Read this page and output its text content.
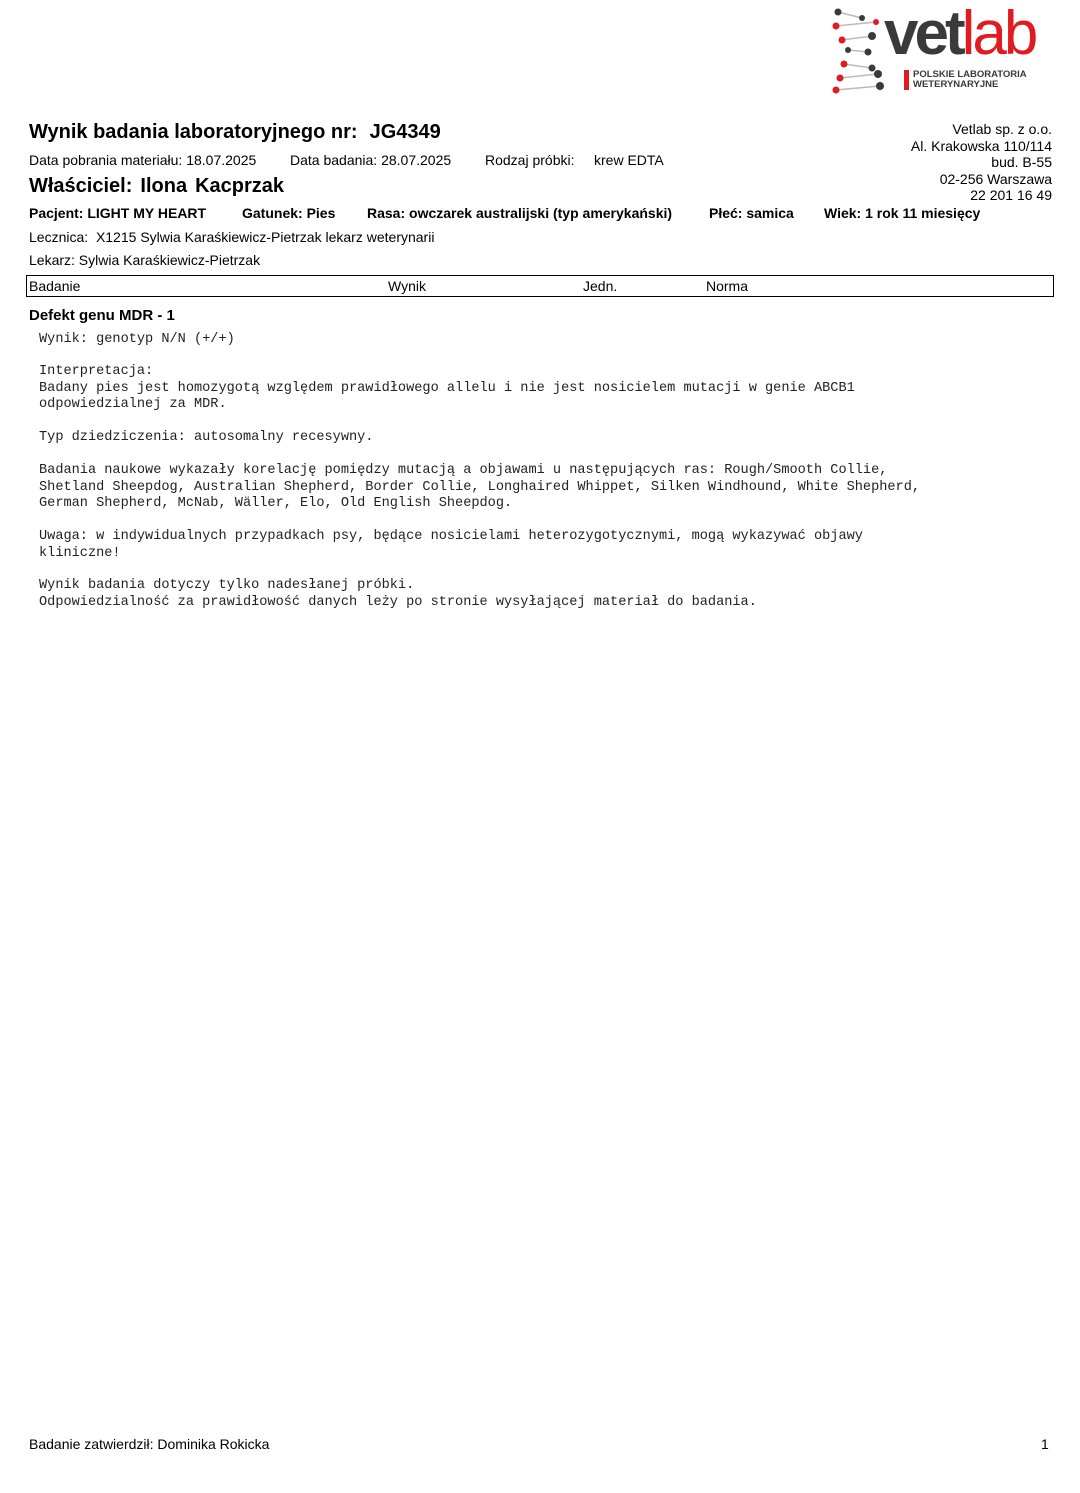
vetlab
POLSKIE LABORATORIA
WETERYNARYJNE
Vetlab sp. z o.o.
Al. Krakowska 110/114
bud. B-55
02-256 Warszawa
22 201 16 49
Wynik badania laboratoryjnego nr: JG4349
Data pobrania materiału: 18.07.2025 Data badania: 28.07.2025 Rodzaj próbki: krew EDTA
Właściciel: Ilona Kacprzak
Pacjent: LIGHT MY HEART	Gatunek: Pies Rasa: owczarek australijski (typ amerykański)	Płeć: samica Wiek: 1 rok 11 miesięcy
Lecznica: X1215 Sylwia Karaśkiewicz-Pietrzak lekarz weterynarii
Lekarz: Sylwia Karaśkiewicz-Pietrzak
Badanie	Wynik	Jedn.	Norma
Defekt genu MDR - 1
Wynik: genotyp N/N (+/+)
Interpretacja:
Badany pies jest homozygotą względem prawidłowego allelu i nie jest nosicielem mutacji w genie ABCB1
odpowiedzialnej za MDR.
Typ dziedziczenia: autosomalny recesywny.
Badania naukowe wykazały korelację pomiędzy mutacją a objawami u następujących ras: Rough/Smooth Collie,
Shetland Sheepdog, Australian Shepherd, Border Collie, Longhaired Whippet, Silken Windhound, White Shepherd,
German Shepherd, McNab, Wäller, Elo, Old English Sheepdog.
Uwaga: w indywidualnych przypadkach psy, będące nosicielami heterozygotycznymi, mogą wykazywać objawy
kliniczne!
Wynik badania dotyczy tylko nadesłanej próbki.
Odpowiedzialność za prawidłowość danych leży po stronie wysyłającej materiał do badania.
Badanie zatwierdził: Dominika Rokicka	1
